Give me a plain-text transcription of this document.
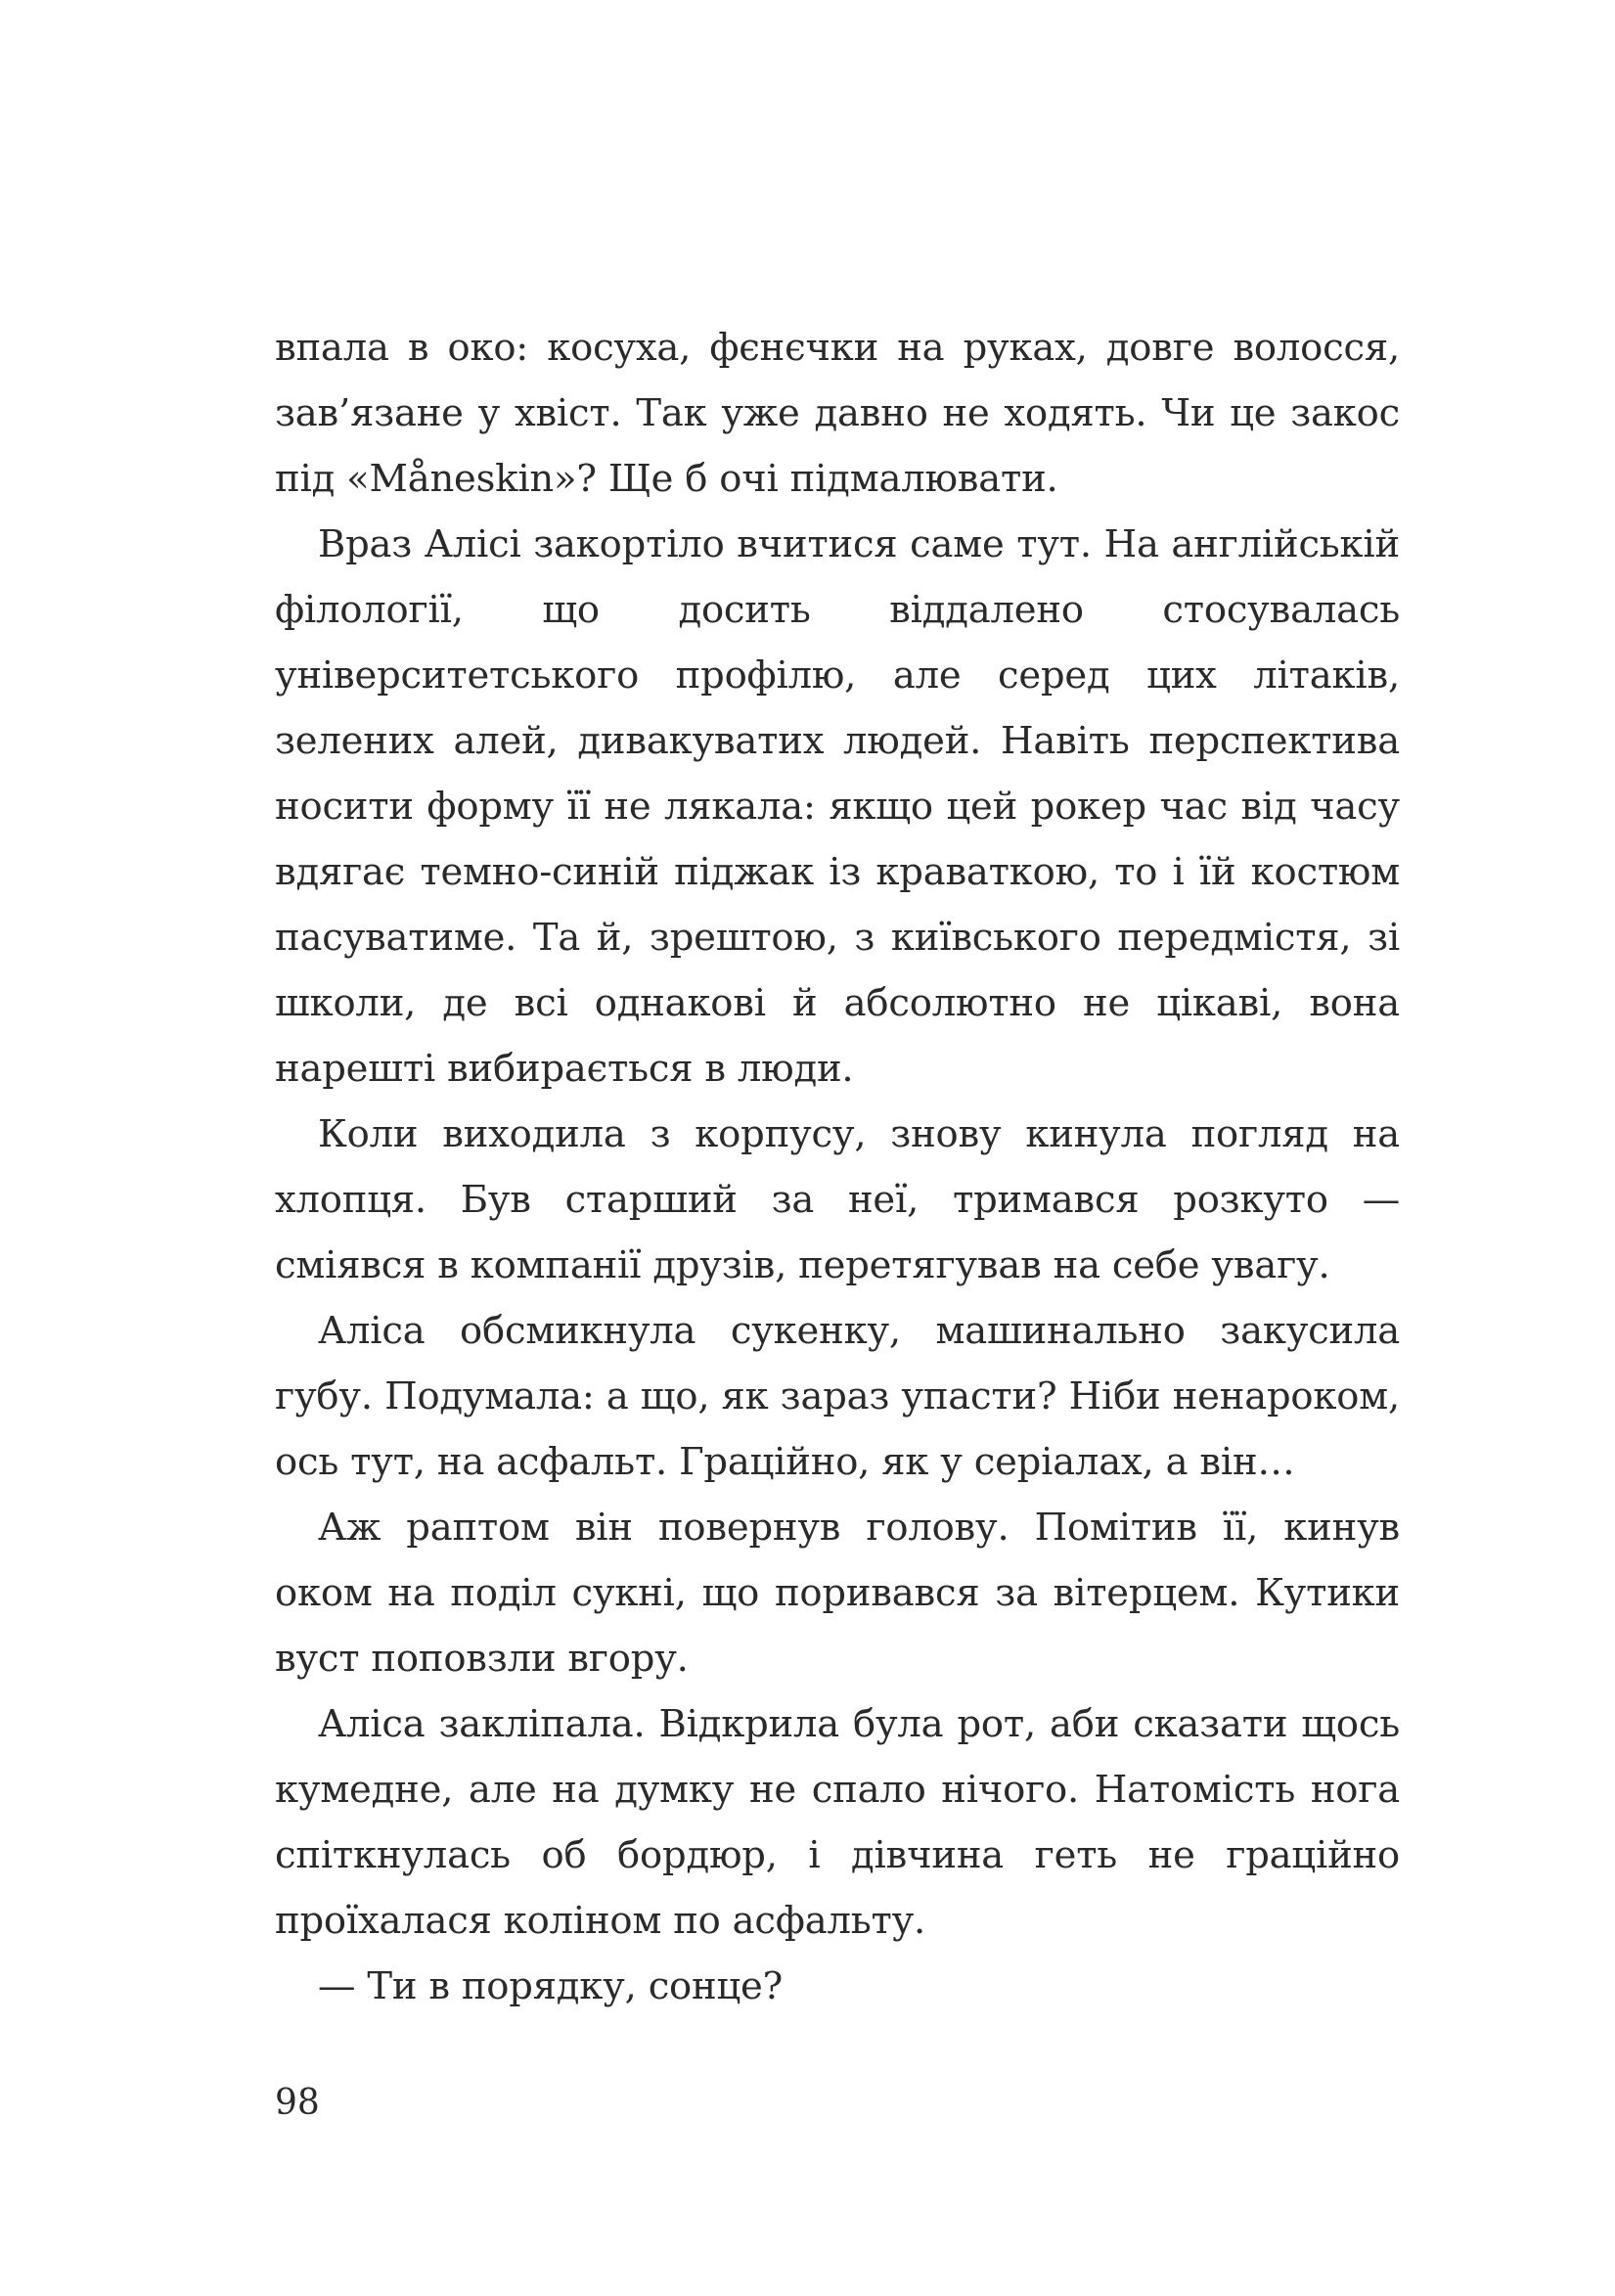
впала в око: косуха, фєнєчки на руках, довге волосся, зав’язане у хвіст. Так уже давно не ходять. Чи це закос під «Måneskin»? Ще б очі підмалювати.

Враз Алісі закортіло вчитися саме тут. На англійській філології, що досить віддалено стосувалась університетського профілю, але серед цих літаків, зелених алей, дивакуватих людей. Навіть перспектива носити форму її не лякала: якщо цей рокер час від часу вдягає темно-синій піджак із краваткою, то і їй костюм пасуватиме. Та й, зрештою, з київського передмістя, зі школи, де всі однакові й абсолютно не цікаві, вона нарешті вибирається в люди.

Коли виходила з корпусу, знову кинула погляд на хлопця. Був старший за неї, тримався розкуто — сміявся в компанії друзів, перетягував на себе увагу.

Аліса обсмикнула сукенку, машинально закусила губу. Подумала: а що, як зараз упасти? Ніби ненароком, ось тут, на асфальт. Граційно, як у серіалах, а він…

Аж раптом він повернув голову. Помітив її, кинув оком на поділ сукні, що поривався за вітерцем. Кутики вуст поповзли вгору.

Аліса закліпала. Відкрила була рот, аби сказати щось кумедне, але на думку не спало нічого. Натомість нога спіткнулась об бордюр, і дівчина геть не граційно проїхалася коліном по асфальту.

— Ти в порядку, сонце?

98
